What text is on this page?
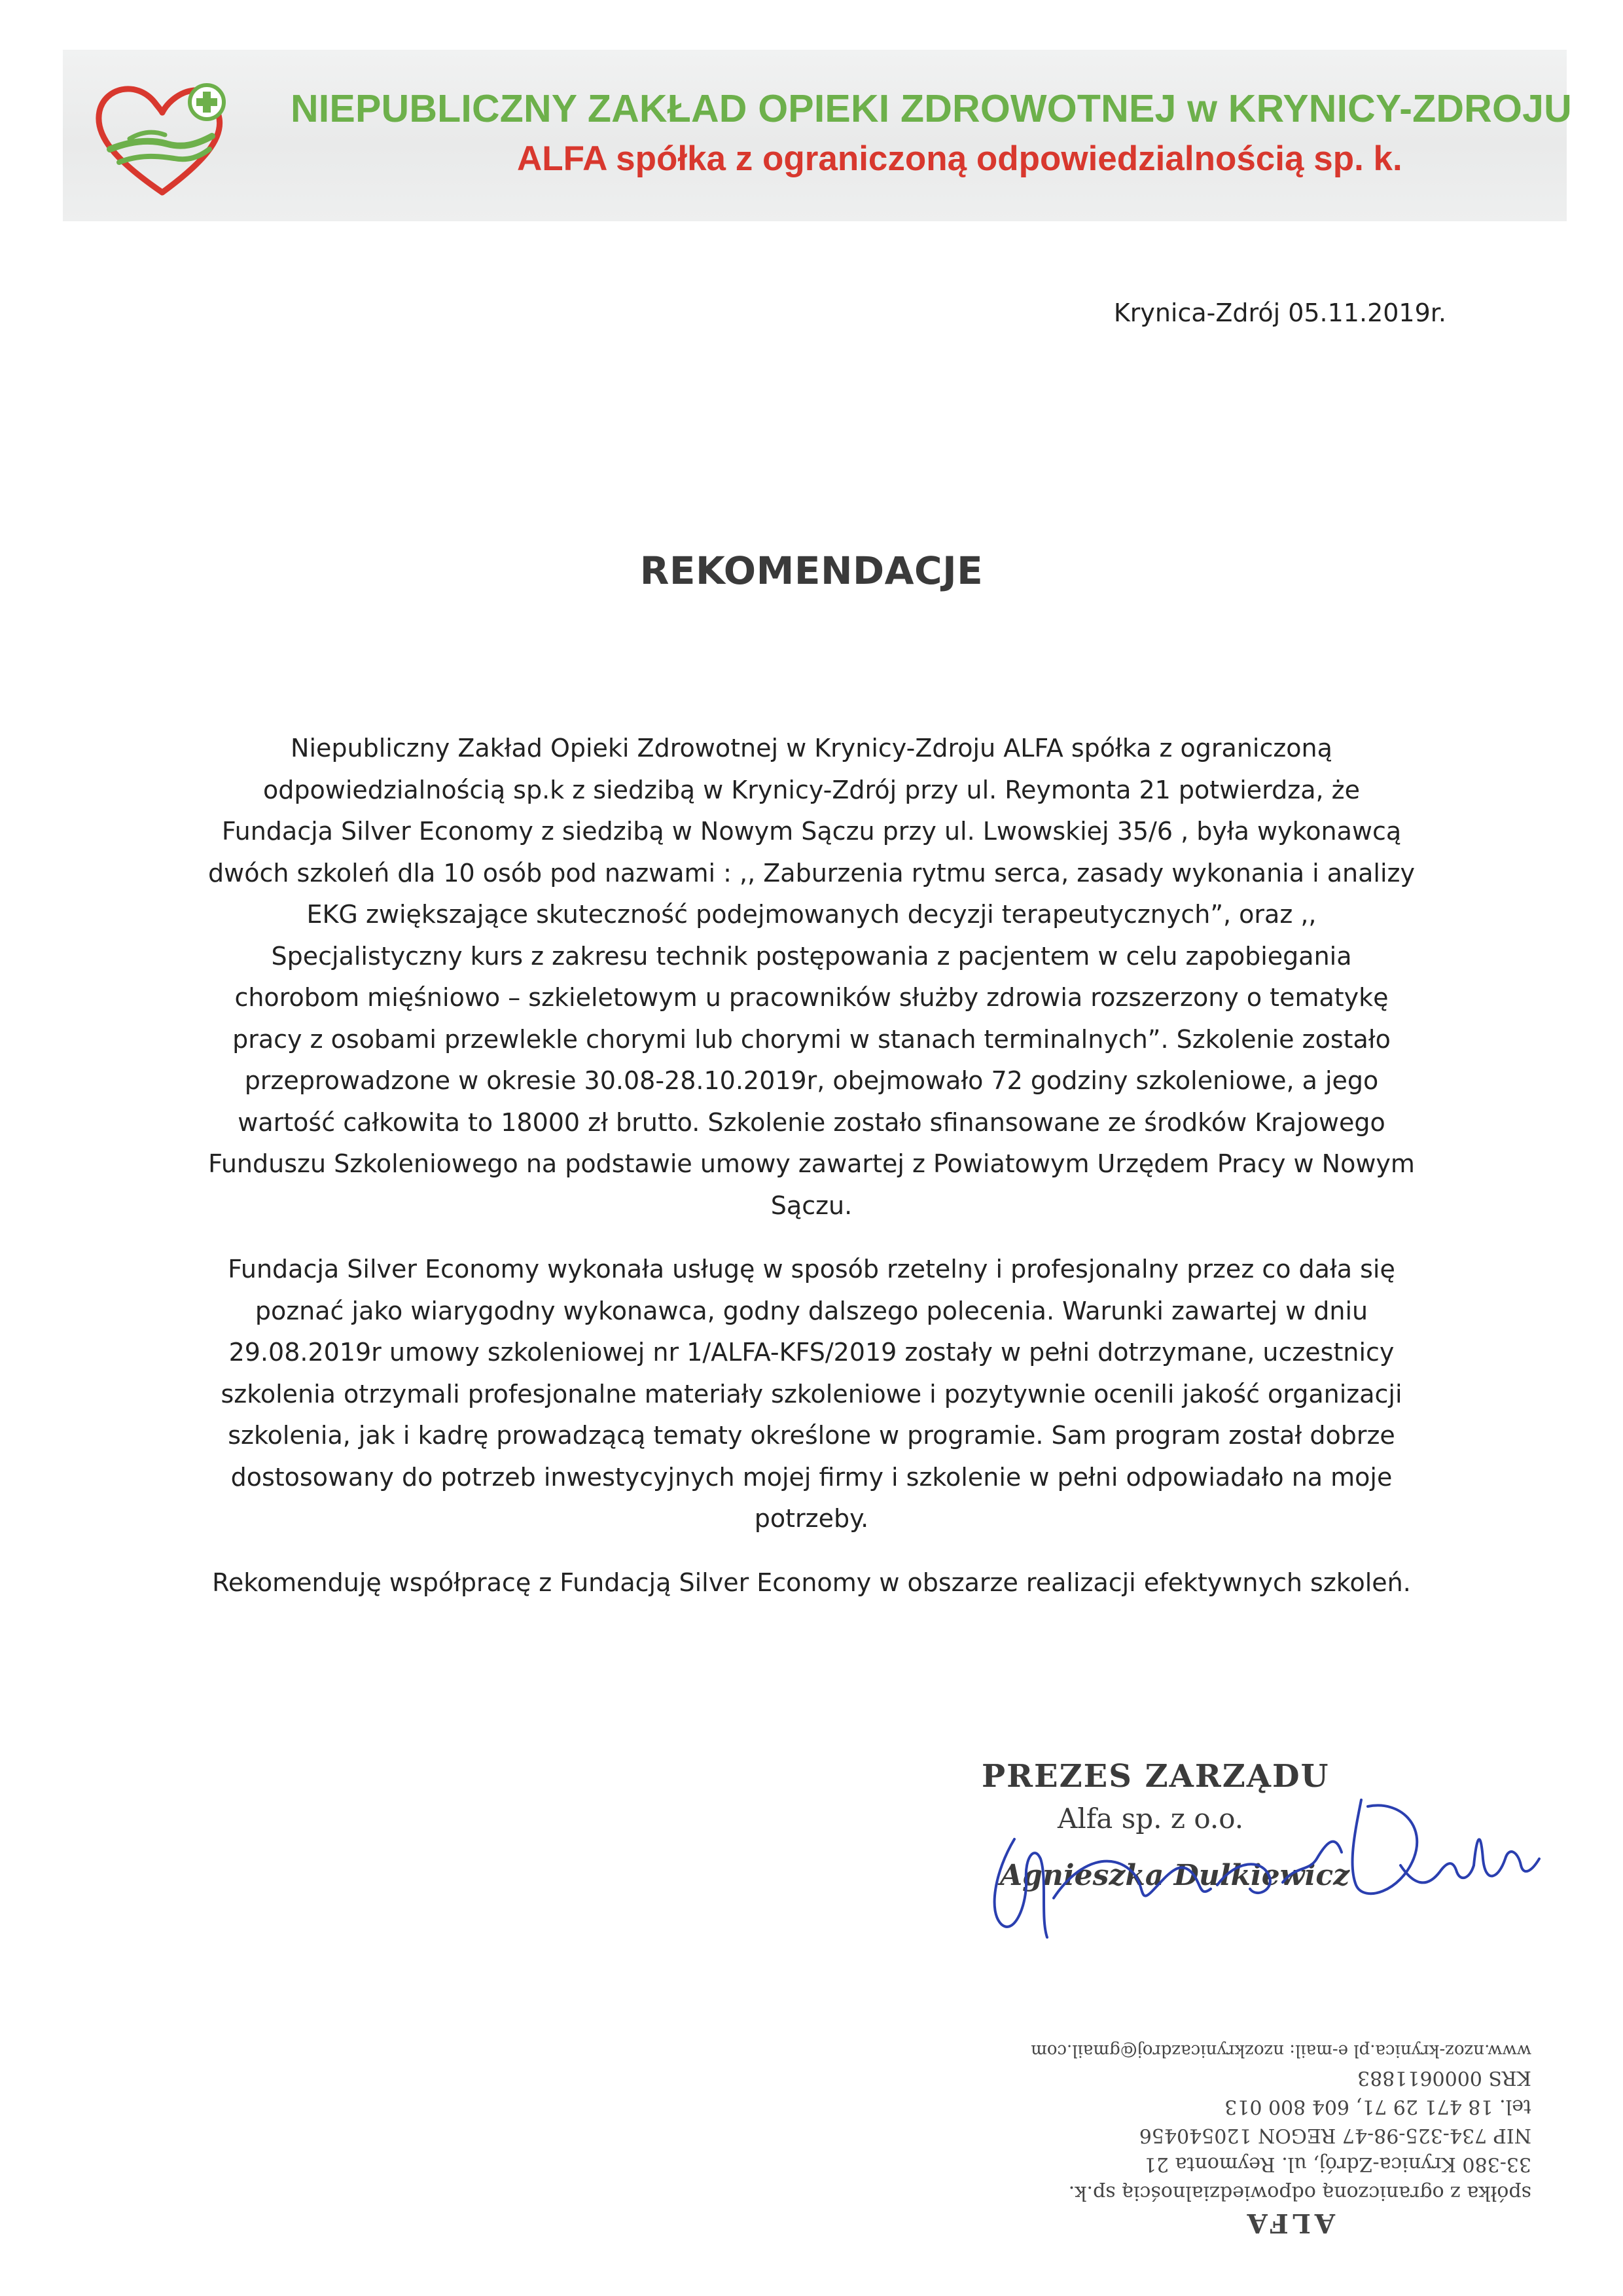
NIEPUBLICZNY ZAKŁAD OPIEKI ZDROWOTNEJ w KRYNICY-ZDROJU
ALFA spółka z ograniczoną odpowiedzialnością sp. k.
Krynica-Zdrój 05.11.2019r.
REKOMENDACJE

Niepubliczny Zakład Opieki Zdrowotnej w Krynicy-Zdroju ALFA spółka z ograniczoną odpowiedzialnością sp.k z siedzibą w Krynicy-Zdrój przy ul. Reymonta 21 potwierdza, że Fundacja Silver Economy z siedzibą w Nowym Sączu przy ul. Lwowskiej 35/6 , była wykonawcą dwóch szkoleń dla 10 osób pod nazwami : ,, Zaburzenia rytmu serca, zasady wykonania i analizy EKG zwiększające skuteczność podejmowanych decyzji terapeutycznych”, oraz ,, Specjalistyczny kurs z zakresu technik postępowania z pacjentem w celu zapobiegania chorobom mięśniowo – szkieletowym u pracowników służby zdrowia rozszerzony o tematykę pracy z osobami przewlekle chorymi lub chorymi w stanach terminalnych”. Szkolenie zostało przeprowadzone w okresie 30.08-28.10.2019r, obejmowało 72 godziny szkoleniowe, a jego wartość całkowita to 18000 zł brutto. Szkolenie zostało sfinansowane ze środków Krajowego Funduszu Szkoleniowego na podstawie umowy zawartej z Powiatowym Urzędem Pracy w Nowym Sączu.

Fundacja Silver Economy wykonała usługę w sposób rzetelny i profesjonalny przez co dała się poznać jako wiarygodny wykonawca, godny dalszego polecenia. Warunki zawartej w dniu 29.08.2019r umowy szkoleniowej nr 1/ALFA-KFS/2019 zostały w pełni dotrzymane, uczestnicy szkolenia otrzymali profesjonalne materiały szkoleniowe i pozytywnie ocenili jakość organizacji szkolenia, jak i kadrę prowadzącą tematy określone w programie. Sam program został dobrze dostosowany do potrzeb inwestycyjnych mojej firmy i szkolenie w pełni odpowiadało na moje potrzeby.

Rekomenduję współpracę z Fundacją Silver Economy w obszarze realizacji efektywnych szkoleń.

PREZES ZARZĄDU
Alfa sp. z o.o.
Agnieszka Dulkiewicz
ALFA
spółka z ograniczoną odpowiedzialnością sp.k.
33-380 Krynica-Zdrój, ul. Reymonta 21
NIP 734-325-98-47 REGON 120540456
tel. 18 471 29 71, 604 800 013
KRS 0000611883
www.nzoz-krynica.pl e-mail: nzozkrynicazdroj@gmail.com
